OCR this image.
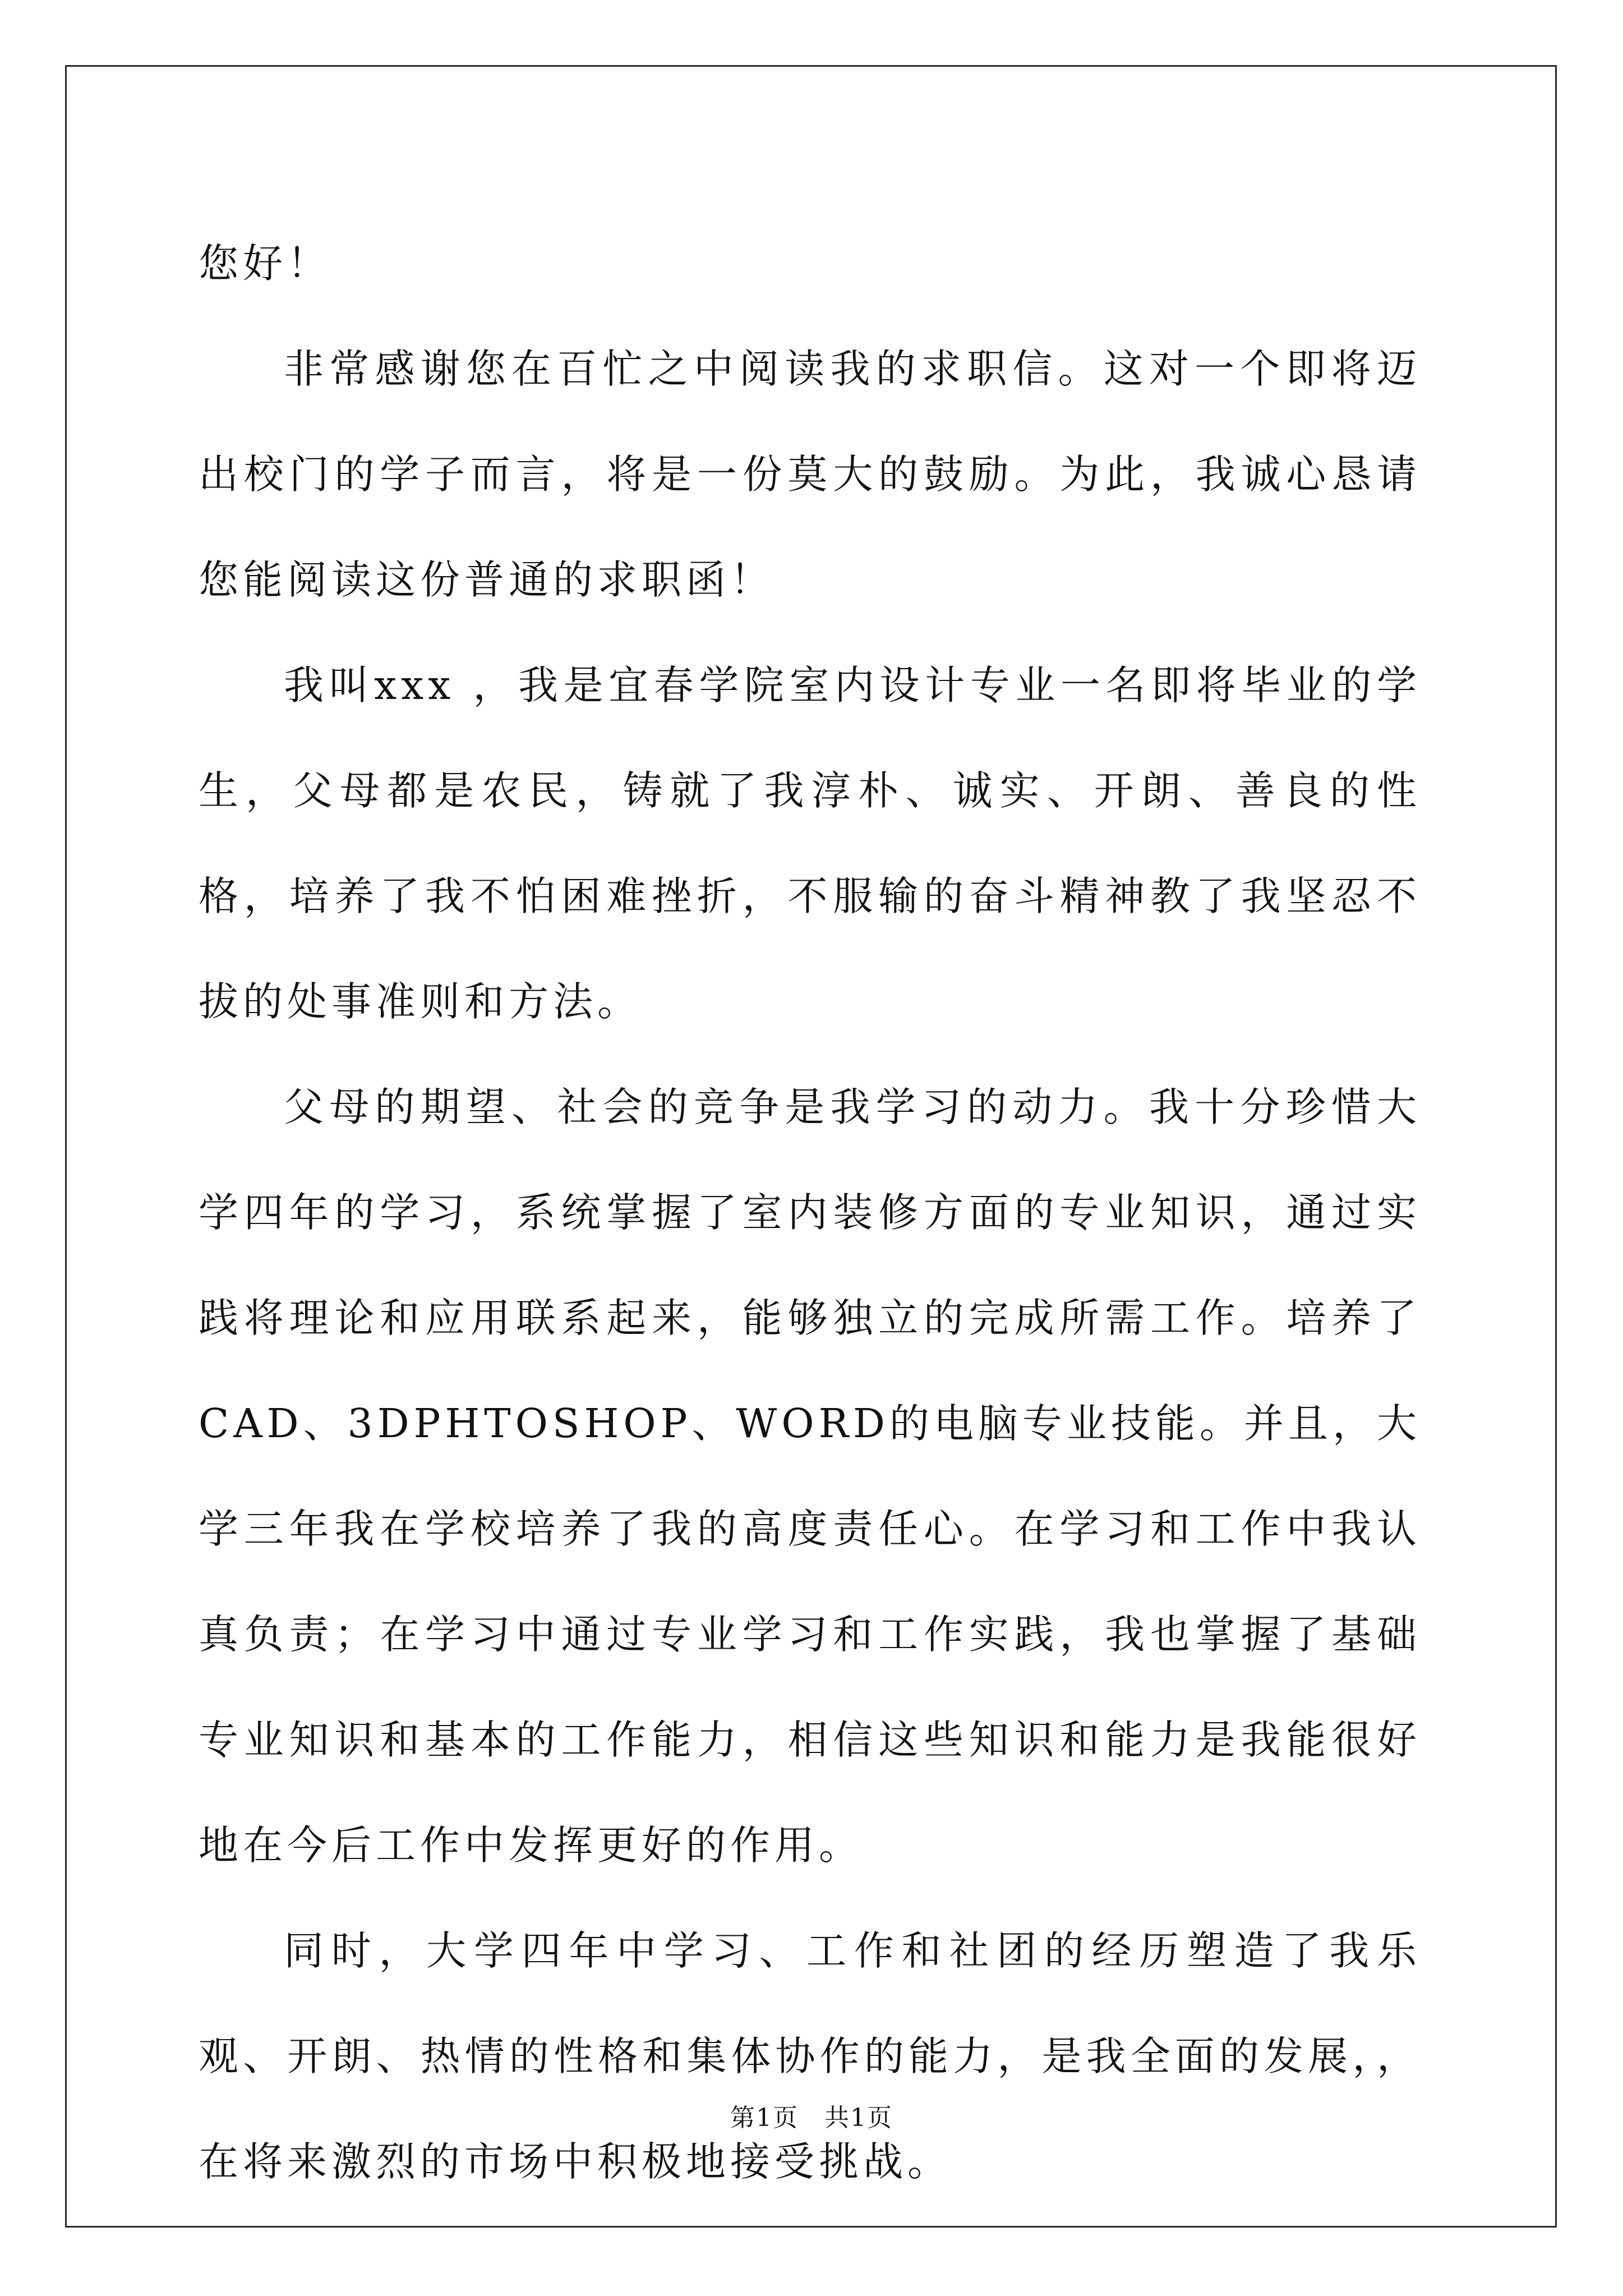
您好！

非常感谢您在百忙之中阅读我的求职信。这对一个即将迈出校门的学子而言，将是一份莫大的鼓励。为此，我诚心恳请您能阅读这份普通的求职函！

我叫xxx ，我是宜春学院室内设计专业一名即将毕业的学生，父母都是农民，铸就了我淳朴、诚实、开朗、善良的性格，培养了我不怕困难挫折，不服输的奋斗精神教了我坚忍不拔的处事准则和方法。

父母的期望、社会的竞争是我学习的动力。我十分珍惜大学四年的学习，系统掌握了室内装修方面的专业知识，通过实践将理论和应用联系起来，能够独立的完成所需工作。培养了CAD、3DPHTOSHOP、WORD的电脑专业技能。并且，大学三年我在学校培养了我的高度责任心。在学习和工作中我认真负责；在学习中通过专业学习和工作实践，我也掌握了基础专业知识和基本的工作能力，相信这些知识和能力是我能很好地在今后工作中发挥更好的作用。

同时，大学四年中学习、工作和社团的经历塑造了我乐观、开朗、热情的性格和集体协作的能力，是我全面的发展，，在将来激烈的市场中积极地接受挑战。

第1页 共1页
